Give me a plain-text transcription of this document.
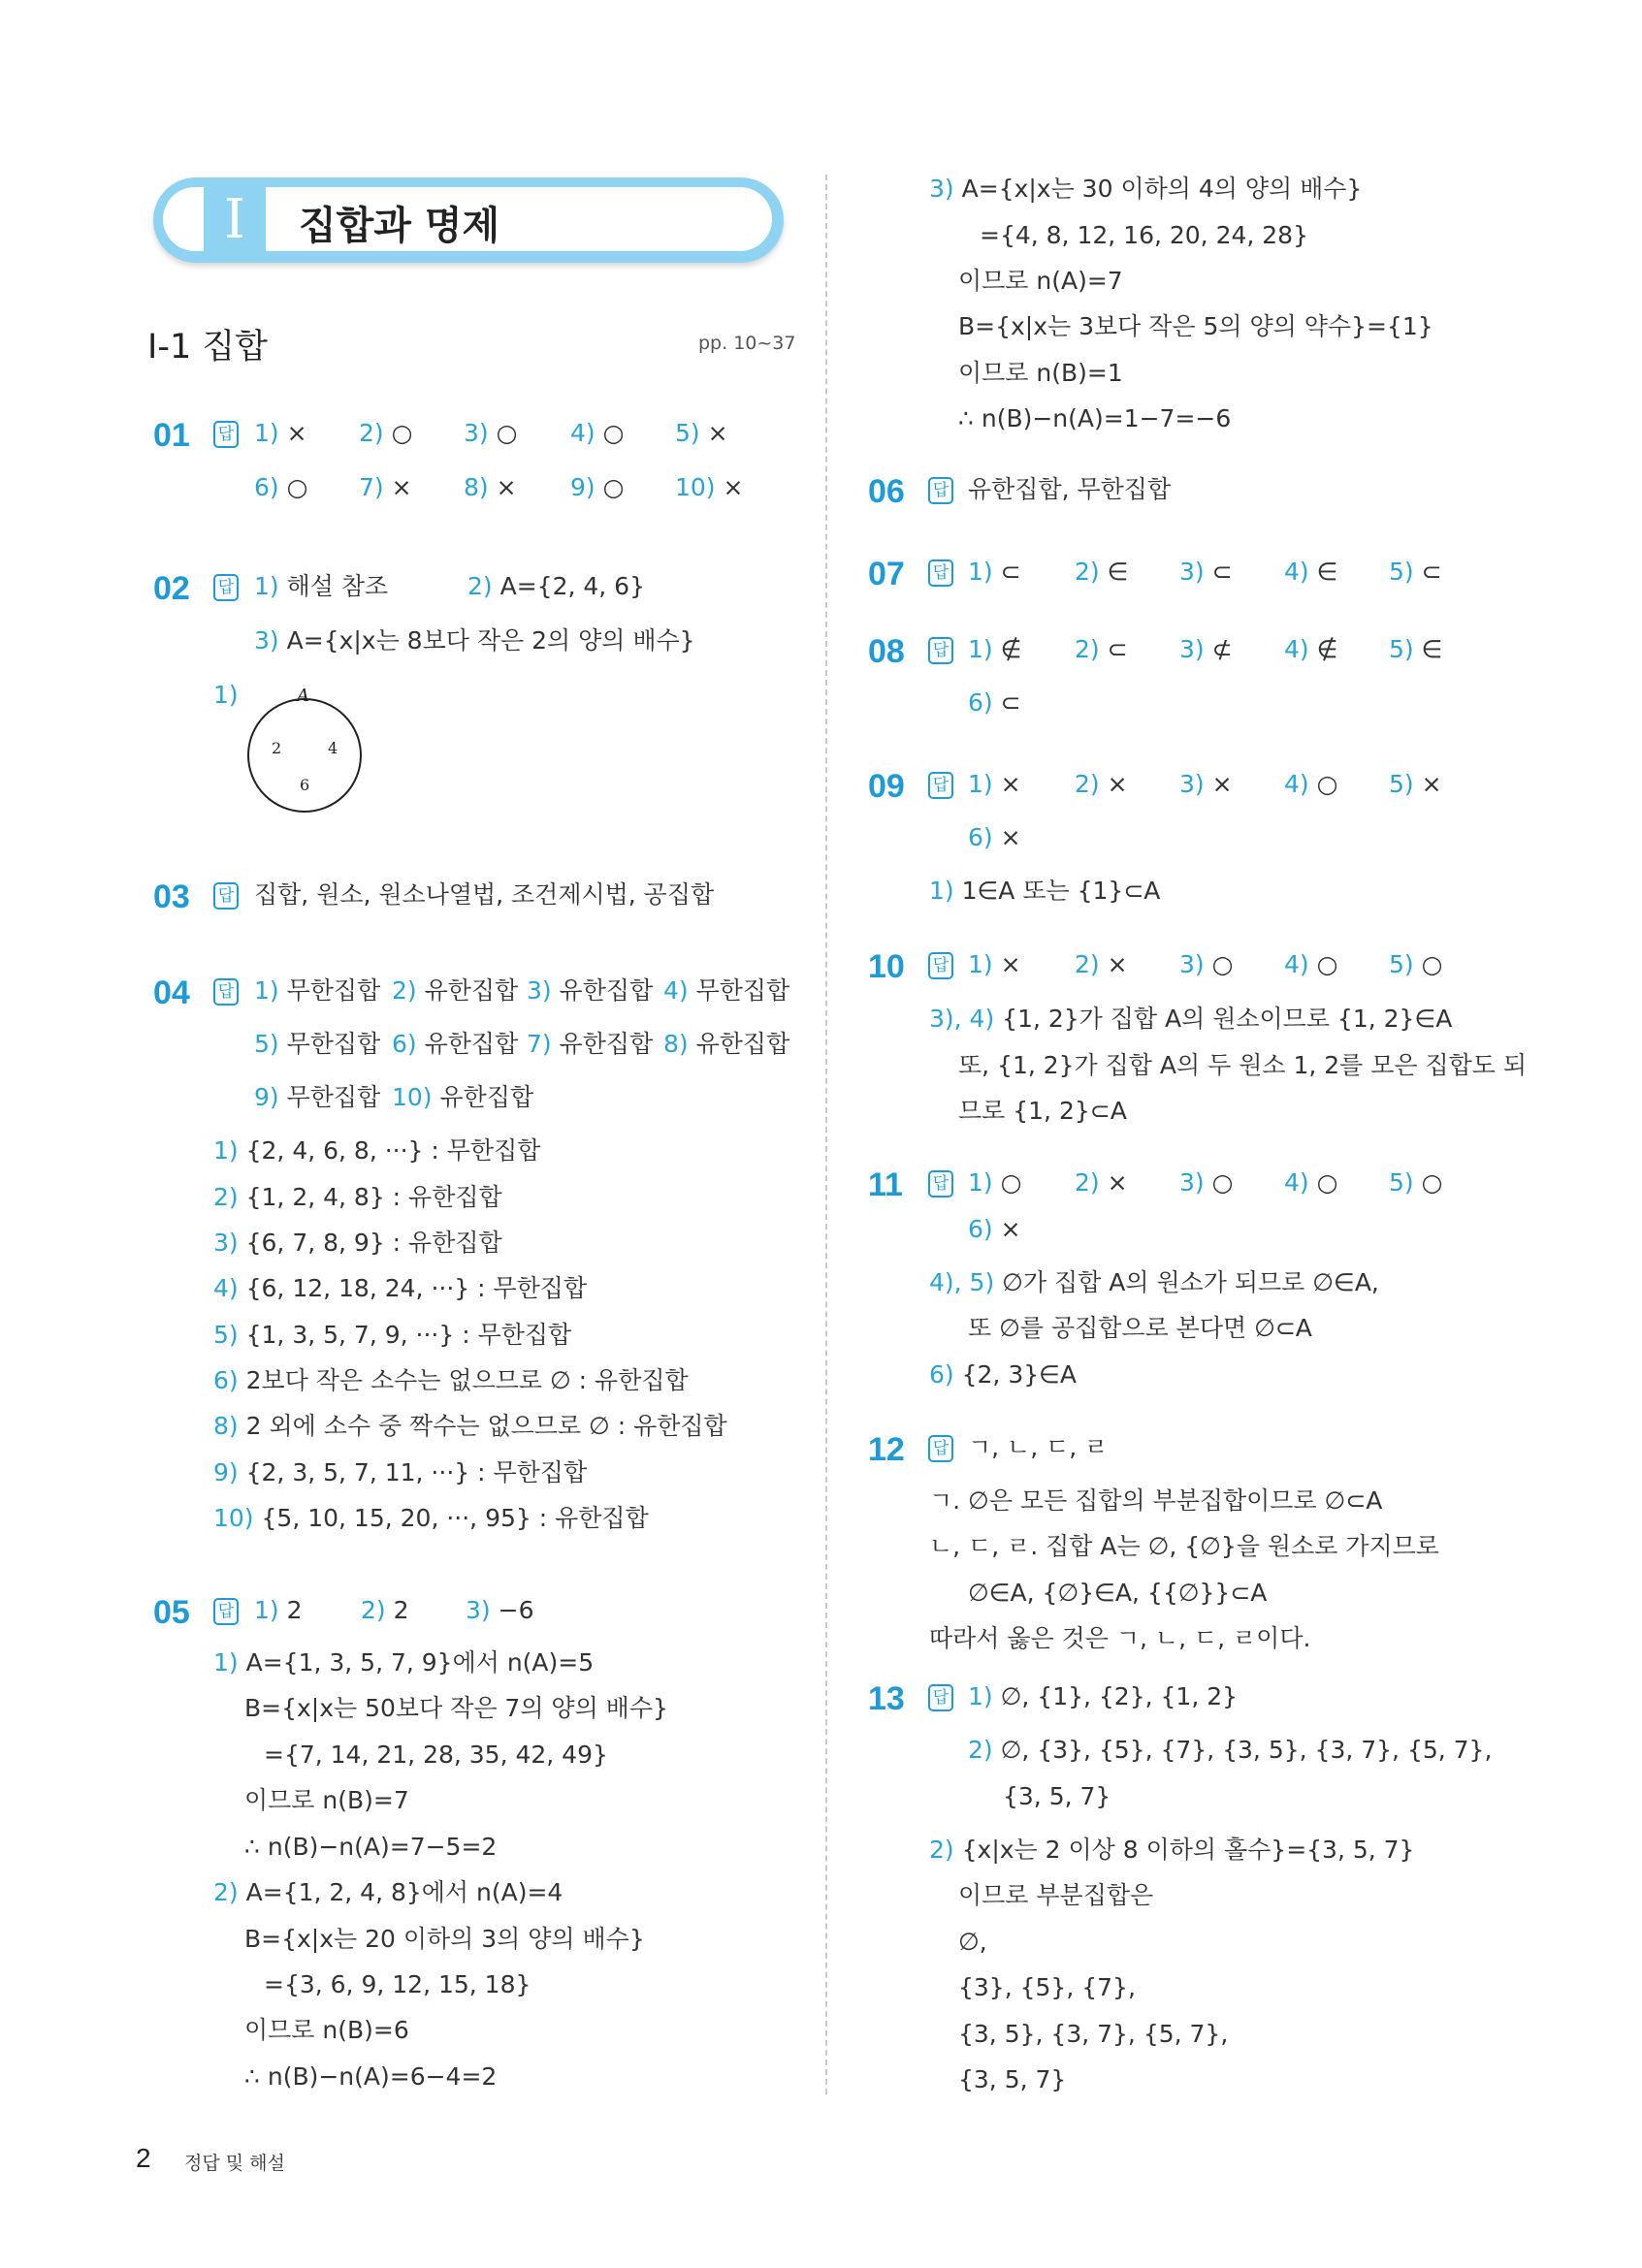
I	집합과 명제
Ⅰ-1 집합	pp. 10~37
01 답 1) × 2) ○ 3) ○ 4) ○ 5) ×
6) ○ 7) × 8) × 9) ○ 10) ×
02 답 1) 해설 참조	2) A={2, 4, 6}
3) A={x|x는 8보다 작은 2의 양의 배수}
1)	A
2	4
6
03 답 집합, 원소, 원소나열법, 조건제시법, 공집합
04 답 1) 무한집합 2) 유한집합 3) 유한집합 4) 무한집합
5) 무한집합 6) 유한집합 7) 유한집합 8) 유한집합
9) 무한집합 10) 유한집합
1) {2, 4, 6, 8, ···} : 무한집합
2) {1, 2, 4, 8} : 유한집합
3) {6, 7, 8, 9} : 유한집합
4) {6, 12, 18, 24, ···} : 무한집합
5) {1, 3, 5, 7, 9, ···} : 무한집합
6) 2보다 작은 소수는 없으므로 ∅ : 유한집합
8) 2 외에 소수 중 짝수는 없으므로 ∅ : 유한집합
9) {2, 3, 5, 7, 11, ···} : 무한집합
10) {5, 10, 15, 20, ···, 95} : 유한집합
05 답 1) 2 2) 2 3) −6
1) A={1, 3, 5, 7, 9}에서 n(A)=5
B={x|x는 50보다 작은 7의 양의 배수}
={7, 14, 21, 28, 35, 42, 49}
이므로 n(B)=7
∴ n(B)−n(A)=7−5=2
2) A={1, 2, 4, 8}에서 n(A)=4
B={x|x는 20 이하의 3의 양의 배수}
={3, 6, 9, 12, 15, 18}
이므로 n(B)=6
∴ n(B)−n(A)=6−4=2
3) A={x|x는 30 이하의 4의 양의 배수}
={4, 8, 12, 16, 20, 24, 28}
이므로 n(A)=7
B={x|x는 3보다 작은 5의 양의 약수}={1}
이므로 n(B)=1
∴ n(B)−n(A)=1−7=−6
06 답 유한집합, 무한집합
07 답 1) ⊂ 2) ∈ 3) ⊂ 4) ∈ 5) ⊂
08 답 1) ∉ 2) ⊂ 3) ⊄ 4) ∉ 5) ∈
6) ⊂
09 답 1) × 2) × 3) × 4) ○ 5) ×
6) ×
1) 1∈A 또는 {1}⊂A
10 답 1) × 2) × 3) ○ 4) ○ 5) ○
3), 4) {1, 2}가 집합 A의 원소이므로 {1, 2}∈A
또, {1, 2}가 집합 A의 두 원소 1, 2를 모은 집합도 되
므로 {1, 2}⊂A
11 답 1) ○ 2) × 3) ○ 4) ○ 5) ○
6) ×
4), 5) ∅가 집합 A의 원소가 되므로 ∅∈A,
또 ∅를 공집합으로 본다면 ∅⊂A
6) {2, 3}∈A
12 답 ㄱ, ㄴ, ㄷ, ㄹ
ㄱ. ∅은 모든 집합의 부분집합이므로 ∅⊂A
ㄴ, ㄷ, ㄹ. 집합 A는 ∅, {∅}을 원소로 가지므로
∅∈A, {∅}∈A, {{∅}}⊂A
따라서 옳은 것은 ㄱ, ㄴ, ㄷ, ㄹ이다.
13 답 1) ∅, {1}, {2}, {1, 2}
2) ∅, {3}, {5}, {7}, {3, 5}, {3, 7}, {5, 7},
{3, 5, 7}
2) {x|x는 2 이상 8 이하의 홀수}={3, 5, 7}
이므로 부분집합은
∅,
{3}, {5}, {7},
{3, 5}, {3, 7}, {5, 7},
{3, 5, 7}
2 정답 및 해설
